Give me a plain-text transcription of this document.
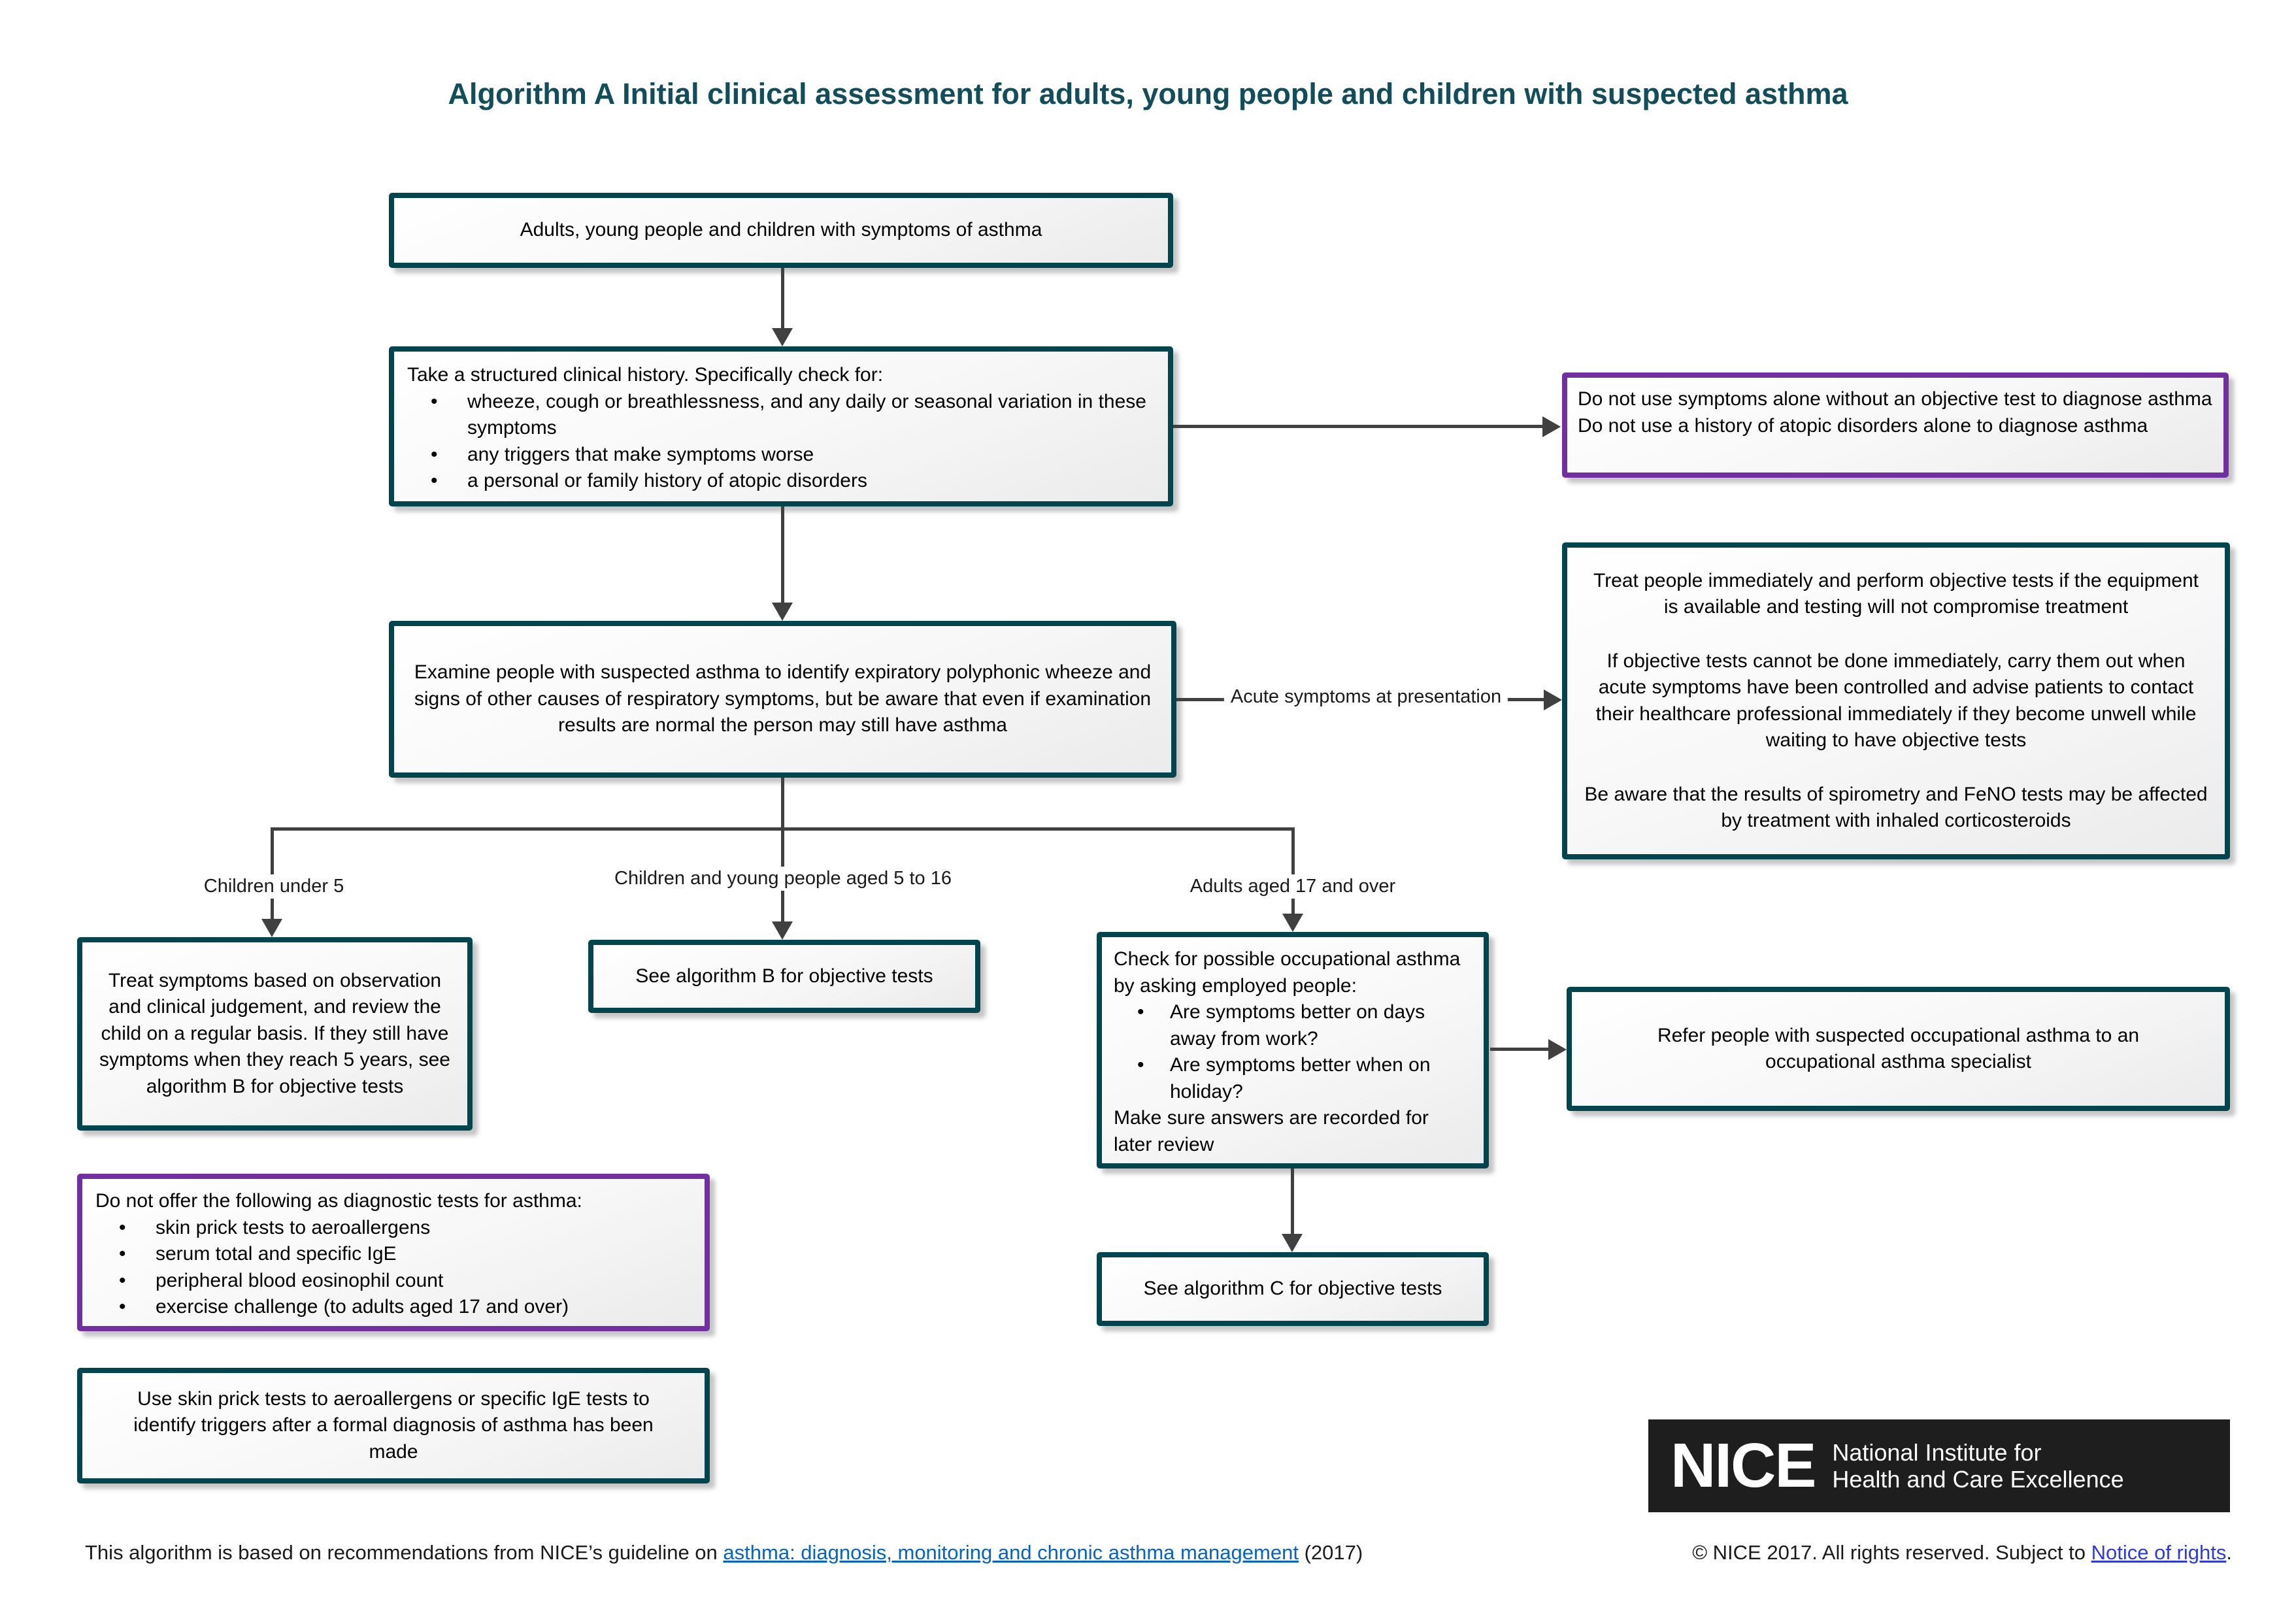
Algorithm A Initial clinical assessment for adults, young people and children with suspected asthma
Adults, young people and children with symptoms of asthma
Take a structured clinical history. Specifically check for:
• wheeze, cough or breathlessness, and any daily or seasonal variation in these symptoms
• any triggers that make symptoms worse
• a personal or family history of atopic disorders
Do not use symptoms alone without an objective test to diagnose asthma
Do not use a history of atopic disorders alone to diagnose asthma
Examine people with suspected asthma to identify expiratory polyphonic wheeze and signs of other causes of respiratory symptoms, but be aware that even if examination results are normal the person may still have asthma
Acute symptoms at presentation

Treat people immediately and perform objective tests if the equipment is available and testing will not compromise treatment

If objective tests cannot be done immediately, carry them out when acute symptoms have been controlled and advise patients to contact their healthcare professional immediately if they become unwell while waiting to have objective tests

Be aware that the results of spirometry and FeNO tests may be affected by treatment with inhaled corticosteroids

Children under 5	Children and young people aged 5 to 16	Adults aged 17 and over
Treat symptoms based on observation and clinical judgement, and review the child on a regular basis. If they still have symptoms when they reach 5 years, see algorithm B for objective tests
See algorithm B for objective tests
Check for possible occupational asthma by asking employed people:
• Are symptoms better on days away from work?
• Are symptoms better when on holiday?
Make sure answers are recorded for later review
Refer people with suspected occupational asthma to an occupational asthma specialist
See algorithm C for objective tests
Do not offer the following as diagnostic tests for asthma:
• skin prick tests to aeroallergens
• serum total and specific IgE
• peripheral blood eosinophil count
• exercise challenge (to adults aged 17 and over)
Use skin prick tests to aeroallergens or specific IgE tests to identify triggers after a formal diagnosis of asthma has been made	NICE National Institute for
Health and Care Excellence
This algorithm is based on recommendations from NICE’s guideline on asthma: diagnosis, monitoring and chronic asthma management (2017)	© NICE 2017. All rights reserved. Subject to Notice of rights.
